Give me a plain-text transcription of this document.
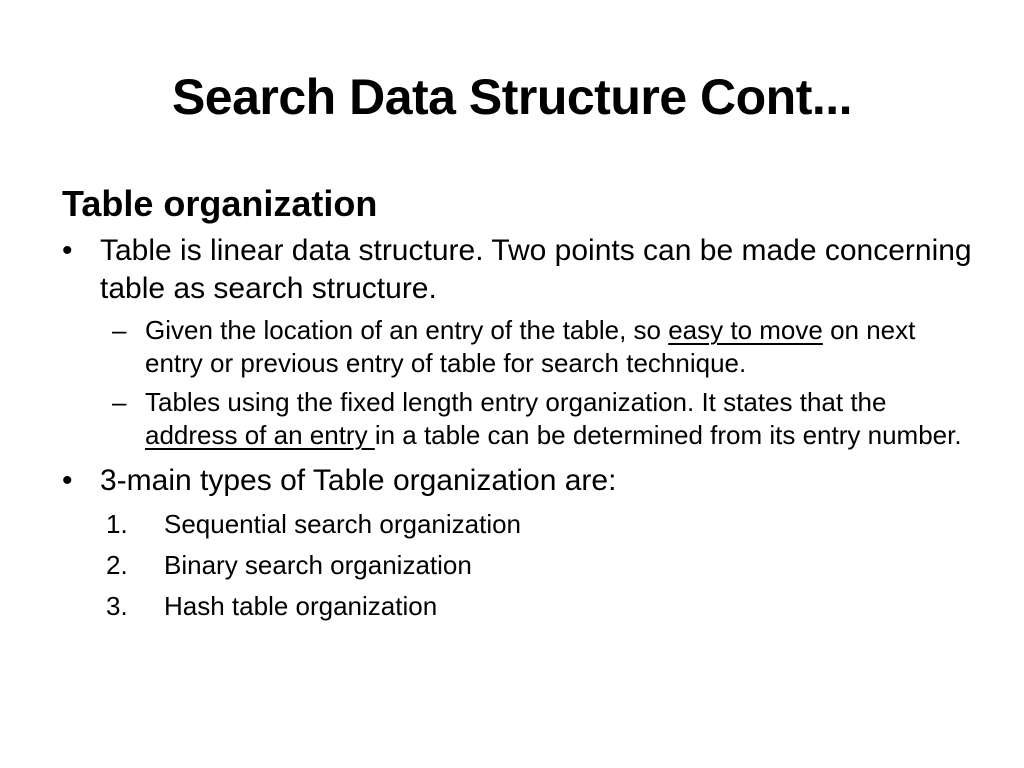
Search Data Structure Cont...
Table organization
• Table is linear data structure. Two points can be made concerning table as search structure.
– Given the location of an entry of the table, so easy to move on next entry or previous entry of table for search technique.
– Tables using the fixed length entry organization. It states that the address of an entry in a table can be determined from its entry number.
• 3-main types of Table organization are:
1. Sequential search organization
2. Binary search organization
3. Hash table organization
